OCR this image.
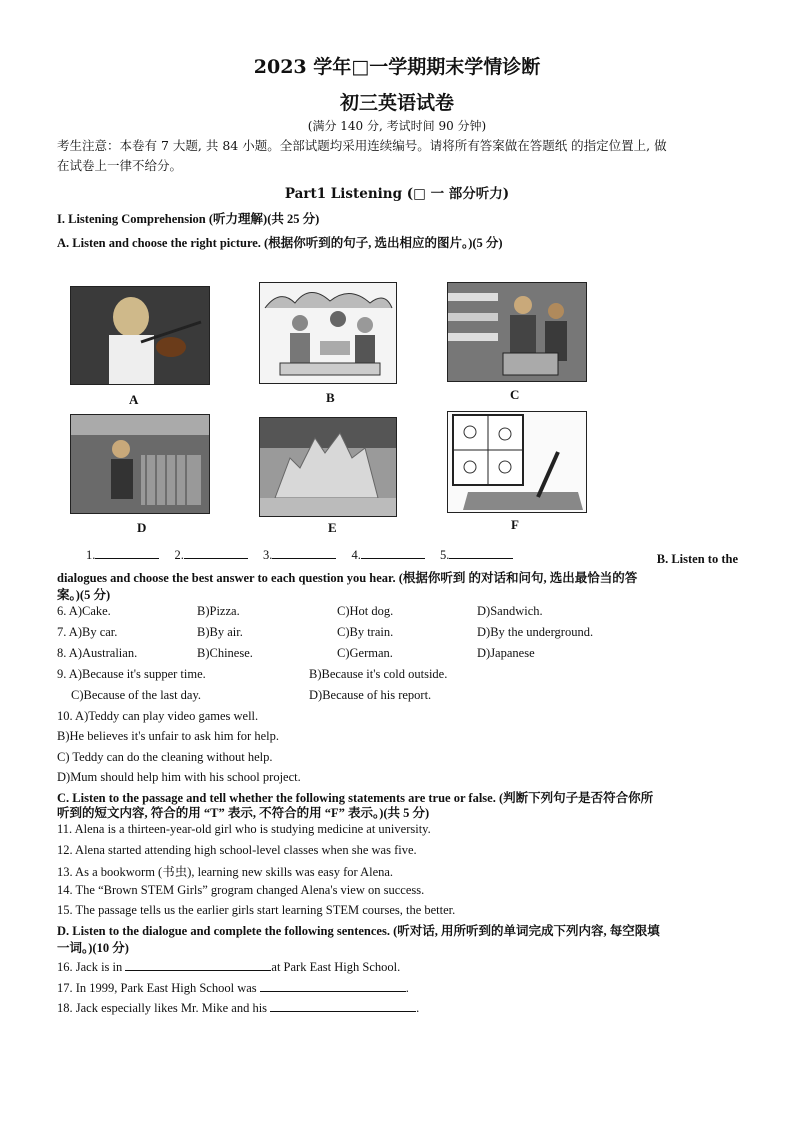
2023 学年□一学期期末学情诊断
初三英语试卷
(满分 140 分, 考试时间 90 分钟)
考生注意：本卷有 7 大题, 共 84 小题。全部试题均采用连续编号。请将所有答案做在答题纸 的指定位置上, 做
在试卷上一律不给分。
Part1 Listening (□ 一 部分听力)
I. Listening Comprehension (听力理解)(共 25 分)
A. Listen and choose the right picture. (根据你听到的句子, 选出相应的图片。)(5 分)
A	B	C
D	E	F
1.	2.	3.	4.	5.	B. Listen to the
dialogues and choose the best answer to each question you hear. (根据你听到 的对话和问句, 选出最恰当的答
案。)(5 分)
6. A)Cake.	B)Pizza.	C)Hot dog.	D)Sandwich.
7. A)By car.	B)By air.	C)By train.	D)By the underground.
8. A)Australian.	B)Chinese.	C)German.	D)Japanese
9. A)Because it's supper time.	B)Because it's cold outside.
C)Because of the last day.	D)Because of his report.
10. A)Teddy can play video games well.
B)He believes it's unfair to ask him for help.
C) Teddy can do the cleaning without help.
D)Mum should help him with his school project.
C. Listen to the passage and tell whether the following statements are true or false. (判断下列句子是否符合你所
听到的短文内容, 符合的用 “T” 表示, 不符合的用 “F” 表示。)(共 5 分)
11. Alena is a thirteen-year-old girl who is studying medicine at university.
12. Alena started attending high school-level classes when she was five.
13. As a bookworm (书虫), learning new skills was easy for Alena.
14. The “Brown STEM Girls” grogram changed Alena's view on success.
15. The passage tells us the earlier girls start learning STEM courses, the better.
D. Listen to the dialogue and complete the following sentences. (听对话, 用所听到的单词完成下列内容, 每空限填
一词。)(10 分)
16. Jack is in	at Park East High School.
17. In 1999, Park East High School was	.
18. Jack especially likes Mr. Mike and his	.
